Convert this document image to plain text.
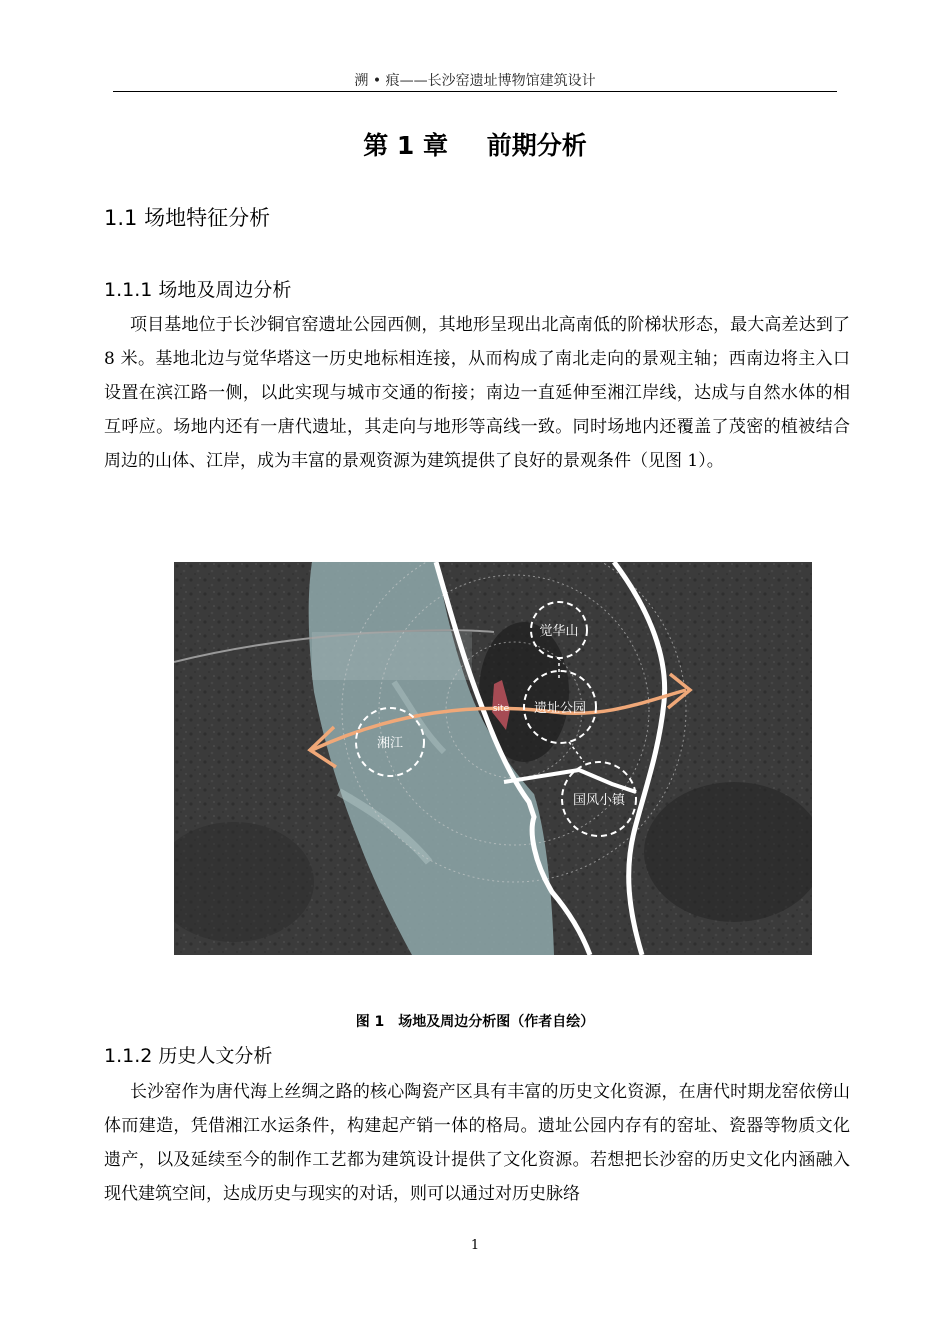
溯 • 痕——长沙窑遗址博物馆建筑设计
第 1 章 前期分析
1.1 场地特征分析
1.1.1 场地及周边分析
项目基地位于长沙铜官窑遗址公园西侧，其地形呈现出北高南低的阶梯状形态，最大高差达到了 8 米。基地北边与觉华塔这一历史地标相连接，从而构成了南北走向的景观主轴；西南边将主入口设置在滨江路一侧，以此实现与城市交通的衔接；南边一直延伸至湘江岸线，达成与自然水体的相互呼应。场地内还有一唐代遗址，其走向与地形等高线一致。同时场地内还覆盖了茂密的植被结合周边的山体、江岸，成为丰富的景观资源为建筑提供了良好的景观条件（见图 1）。
觉华山
site 遗址公园
湘江
国风小镇
图 1　场地及周边分析图（作者自绘）
1.1.2 历史人文分析
长沙窑作为唐代海上丝绸之路的核心陶瓷产区具有丰富的历史文化资源，在唐代时期龙窑依傍山体而建造，凭借湘江水运条件，构建起产销一体的格局。遗址公园内存有的窑址、瓷器等物质文化遗产，以及延续至今的制作工艺都为建筑设计提供了文化资源。若想把长沙窑的历史文化内涵融入现代建筑空间，达成历史与现实的对话，则可以通过对历史脉络
1
